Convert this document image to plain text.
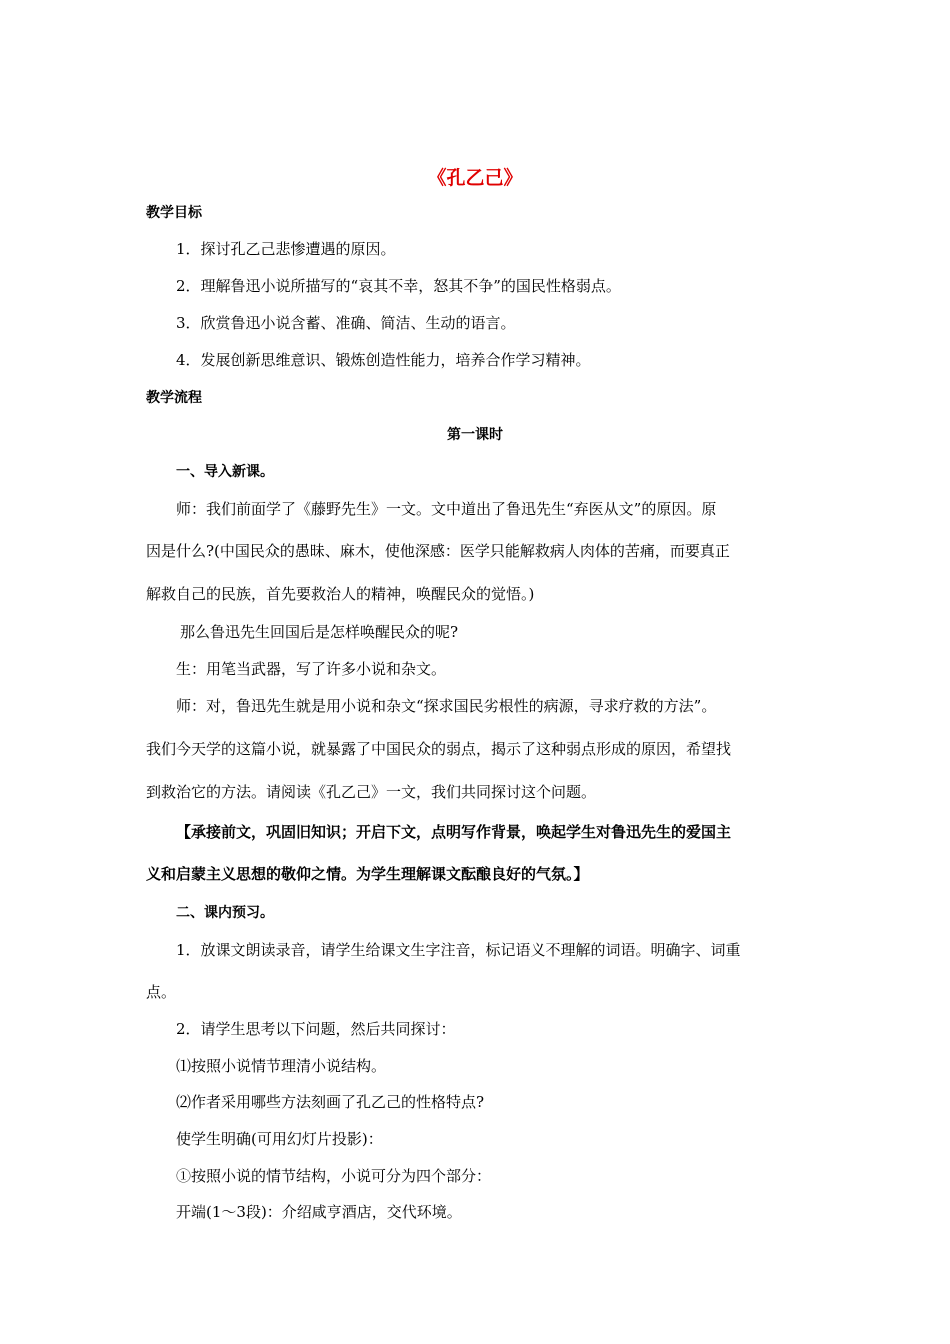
《孔乙己》
教学目标
1．探讨孔乙己悲惨遭遇的原因。
2．理解鲁迅小说所描写的“哀其不幸，怒其不争”的国民性格弱点。
3．欣赏鲁迅小说含蓄、准确、简洁、生动的语言。
4．发展创新思维意识、锻炼创造性能力，培养合作学习精神。
教学流程
第一课时
一、导入新课。
师：我们前面学了《藤野先生》一文。文中道出了鲁迅先生“弃医从文”的原因。原
因是什么?(中国民众的愚昧、麻木，使他深感：医学只能解救病人肉体的苦痛，而要真正
解救自己的民族，首先要救治人的精神，唤醒民众的觉悟。)
那么鲁迅先生回国后是怎样唤醒民众的呢?
生：用笔当武器，写了许多小说和杂文。
师：对，鲁迅先生就是用小说和杂文“探求国民劣根性的病源，寻求疗救的方法”。
我们今天学的这篇小说，就暴露了中国民众的弱点，揭示了这种弱点形成的原因，希望找
到救治它的方法。请阅读《孔乙己》一文，我们共同探讨这个问题。
【承接前文，巩固旧知识；开启下文，点明写作背景，唤起学生对鲁迅先生的爱国主
义和启蒙主义思想的敬仰之情。为学生理解课文酝酿良好的气氛。】
二、课内预习。
1．放课文朗读录音，请学生给课文生字注音，标记语义不理解的词语。明确字、词重
点。
2．请学生思考以下问题，然后共同探讨：
⑴按照小说情节理清小说结构。
⑵作者采用哪些方法刻画了孔乙己的性格特点?
使学生明确(可用幻灯片投影)：
①按照小说的情节结构，小说可分为四个部分：
开端(1～3段)：介绍咸亨酒店，交代环境。
